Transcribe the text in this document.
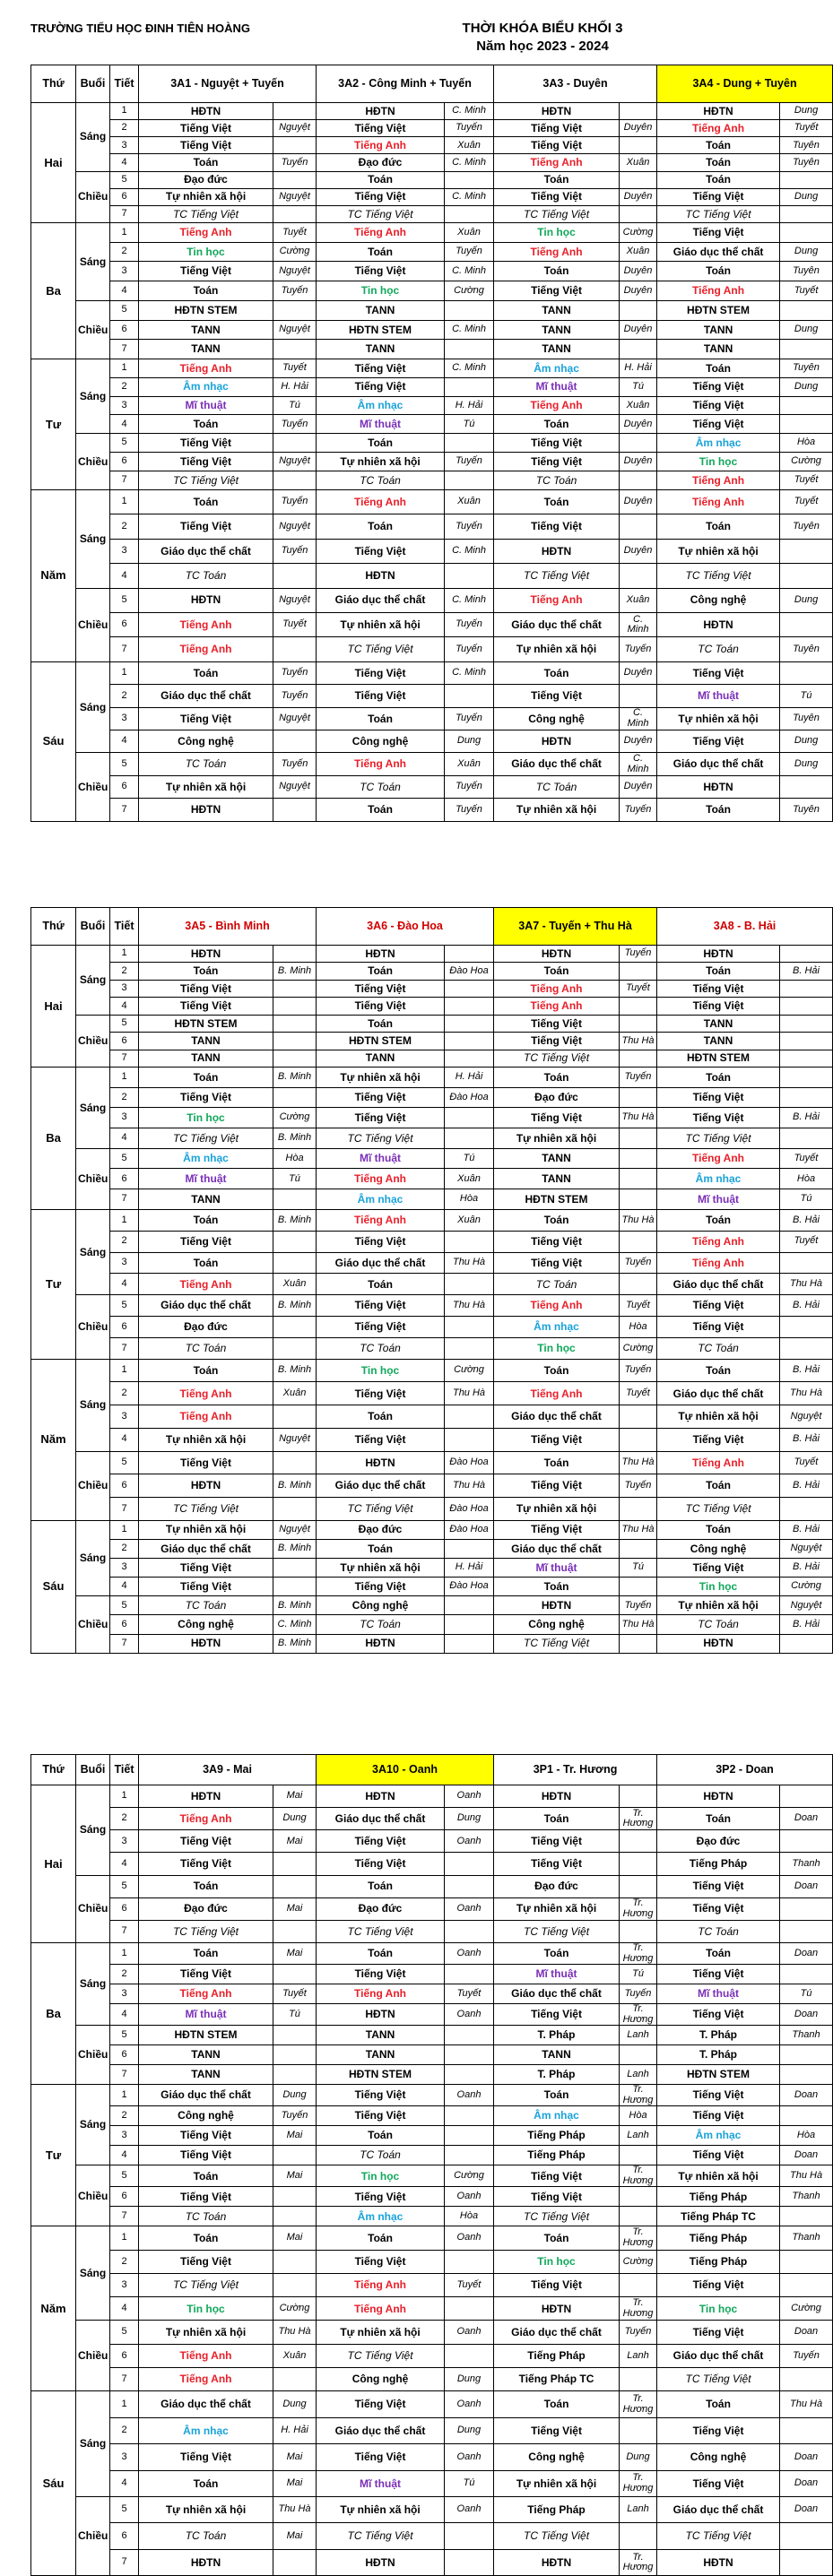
TRƯỜNG TIỂU HỌC ĐINH TIÊN HOÀNG	THỜI KHÓA BIỂU KHỐI 3
Năm học 2023 - 2024
Thứ	Buổi	Tiết	3A1 - Nguyệt + Tuyến		3A2 - Công Minh + Tuyến		3A3 - Duyên		3A4 - Dung + Tuyên	
Hai	Sáng	1	HĐTN		HĐTN	C. Minh	HĐTN		HĐTN	Dung
		2	Tiếng Việt	Nguyệt	Tiếng Việt	Tuyến	Tiếng Việt	Duyên	Tiếng Anh	Tuyết
		3	Tiếng Việt		Tiếng Anh	Xuân	Tiếng Việt		Toán	Tuyên
		4	Toán	Tuyến	Đạo đức	C. Minh	Tiếng Anh	Xuân	Toán	Tuyên
	Chiều	5	Đạo đức		Toán		Toán		Toán	
		6	Tự nhiên xã hội	Nguyệt	Tiếng Việt	C. Minh	Tiếng Việt	Duyên	Tiếng Việt	Dung
		7	TC Tiếng Việt		TC Tiếng Việt		TC Tiếng Việt		TC Tiếng Việt	
Ba	Sáng	1	Tiếng Anh	Tuyết	Tiếng Anh	Xuân	Tin học	Cường	Tiếng Việt	
		2	Tin học	Cường	Toán	Tuyến	Tiếng Anh	Xuân	Giáo dục thể chất	Dung
		3	Tiếng Việt	Nguyệt	Tiếng Việt	C. Minh	Toán	Duyên	Toán	Tuyên
		4	Toán	Tuyến	Tin học	Cường	Tiếng Việt	Duyên	Tiếng Anh	Tuyết
	Chiều	5	HĐTN STEM		TANN		TANN		HĐTN STEM	
		6	TANN	Nguyệt	HĐTN STEM	C. Minh	TANN	Duyên	TANN	Dung
		7	TANN		TANN		TANN		TANN	
Tư	Sáng	1	Tiếng Anh	Tuyết	Tiếng Việt	C. Minh	Âm nhạc	H. Hải	Toán	Tuyên
		2	Âm nhạc	H. Hải	Tiếng Việt		Mĩ thuật	Tú	Tiếng Việt	Dung
		3	Mĩ thuật	Tú	Âm nhạc	H. Hải	Tiếng Anh	Xuân	Tiếng Việt	
		4	Toán	Tuyến	Mĩ thuật	Tú	Toán	Duyên	Tiếng Việt	
	Chiều	5	Tiếng Việt		Toán		Tiếng Việt		Âm nhạc	Hòa
		6	Tiếng Việt	Nguyệt	Tự nhiên xã hội	Tuyến	Tiếng Việt	Duyên	Tin học	Cường
		7	TC Tiếng Việt		TC Toán		TC Toán		Tiếng Anh	Tuyết
Năm	Sáng	1	Toán	Tuyến	Tiếng Anh	Xuân	Toán	Duyên	Tiếng Anh	Tuyết
		2	Tiếng Việt	Nguyệt	Toán	Tuyến	Tiếng Việt		Toán	Tuyên
		3	Giáo dục thể chất	Tuyến	Tiếng Việt	C. Minh	HĐTN	Duyên	Tự nhiên xã hội	
		4	TC Toán		HĐTN		TC Tiếng Việt		TC Tiếng Việt	
	Chiều	5	HĐTN	Nguyệt	Giáo dục thể chất	C. Minh	Tiếng Anh	Xuân	Công nghệ	Dung
		6	Tiếng Anh	Tuyết	Tự nhiên xã hội	Tuyến	Giáo dục thể chất	C. Minh	HĐTN	
		7	Tiếng Anh		TC Tiếng Việt	Tuyến	Tự nhiên xã hội	Tuyến	TC Toán	Tuyên
Sáu	Sáng	1	Toán	Tuyến	Tiếng Việt	C. Minh	Toán	Duyên	Tiếng Việt	
		2	Giáo dục thể chất	Tuyến	Tiếng Việt		Tiếng Việt		Mĩ thuật	Tú
		3	Tiếng Việt	Nguyệt	Toán	Tuyến	Công nghệ	C. Minh	Tự nhiên xã hội	Tuyên
		4	Công nghệ		Công nghệ	Dung	HĐTN	Duyên	Tiếng Việt	Dung
	Chiều	5	TC Toán	Tuyến	Tiếng Anh	Xuân	Giáo dục thể chất	C. Minh	Giáo dục thể chất	Dung
		6	Tự nhiên xã hội	Nguyệt	TC Toán	Tuyến	TC Toán	Duyên	HĐTN	
		7	HĐTN		Toán	Tuyến	Tự nhiên xã hội	Tuyến	Toán	Tuyên
Thứ	Buổi	Tiết	3A5 - Bình Minh		3A6 - Đào Hoa		3A7 - Tuyến + Thu Hà		3A8 - B. Hải	
Hai	Sáng	1	HĐTN		HĐTN		HĐTN	Tuyến	HĐTN	
		2	Toán	B. Minh	Toán	Đào Hoa	Toán		Toán	B. Hải
		3	Tiếng Việt		Tiếng Việt		Tiếng Anh	Tuyết	Tiếng Việt	
		4	Tiếng Việt		Tiếng Việt		Tiếng Anh		Tiếng Việt	
	Chiều	5	HĐTN STEM		Toán		Tiếng Việt		TANN	
		6	TANN		HĐTN STEM		Tiếng Việt	Thu Hà	TANN	
		7	TANN		TANN		TC Tiếng Việt		HĐTN STEM	
Ba	Sáng	1	Toán	B. Minh	Tự nhiên xã hội	H. Hải	Toán	Tuyến	Toán	
		2	Tiếng Việt		Tiếng Việt	Đào Hoa	Đạo đức		Tiếng Việt	
		3	Tin học	Cường	Tiếng Việt		Tiếng Việt	Thu Hà	Tiếng Việt	B. Hải
		4	TC Tiếng Việt	B. Minh	TC Tiếng Việt		Tự nhiên xã hội		TC Tiếng Việt	
	Chiều	5	Âm nhạc	Hòa	Mĩ thuật	Tú	TANN		Tiếng Anh	Tuyết
		6	Mĩ thuật	Tú	Tiếng Anh	Xuân	TANN		Âm nhạc	Hòa
		7	TANN		Âm nhạc	Hòa	HĐTN STEM		Mĩ thuật	Tú
Tư	Sáng	1	Toán	B. Minh	Tiếng Anh	Xuân	Toán	Thu Hà	Toán	B. Hải
		2	Tiếng Việt		Tiếng Việt		Tiếng Việt		Tiếng Anh	Tuyết
		3	Toán		Giáo dục thể chất	Thu Hà	Tiếng Việt	Tuyến	Tiếng Anh	
		4	Tiếng Anh	Xuân	Toán		TC Toán		Giáo dục thể chất	Thu Hà
	Chiều	5	Giáo dục thể chất	B. Minh	Tiếng Việt	Thu Hà	Tiếng Anh	Tuyết	Tiếng Việt	B. Hải
		6	Đạo đức		Tiếng Việt		Âm nhạc	Hòa	Tiếng Việt	
		7	TC Toán		TC Toán		Tin học	Cường	TC Toán	
Năm	Sáng	1	Toán	B. Minh	Tin học	Cường	Toán	Tuyến	Toán	B. Hải
		2	Tiếng Anh	Xuân	Tiếng Việt	Thu Hà	Tiếng Anh	Tuyết	Giáo dục thể chất	Thu Hà
		3	Tiếng Anh		Toán		Giáo dục thể chất		Tự nhiên xã hội	Nguyệt
		4	Tự nhiên xã hội	Nguyệt	Tiếng Việt		Tiếng Việt		Tiếng Việt	B. Hải
	Chiều	5	Tiếng Việt		HĐTN	Đào Hoa	Toán	Thu Hà	Tiếng Anh	Tuyết
		6	HĐTN	B. Minh	Giáo dục thể chất	Thu Hà	Tiếng Việt	Tuyến	Toán	B. Hải
		7	TC Tiếng Việt		TC Tiếng Việt	Đào Hoa	Tự nhiên xã hội		TC Tiếng Việt	
Sáu	Sáng	1	Tự nhiên xã hội	Nguyệt	Đạo đức	Đào Hoa	Tiếng Việt	Thu Hà	Toán	B. Hải
		2	Giáo dục thể chất	B. Minh	Toán		Giáo dục thể chất		Công nghệ	Nguyệt
		3	Tiếng Việt		Tự nhiên xã hội	H. Hải	Mĩ thuật	Tú	Tiếng Việt	B. Hải
		4	Tiếng Việt		Tiếng Việt	Đào Hoa	Toán		Tin học	Cường
	Chiều	5	TC Toán	B. Minh	Công nghệ		HĐTN	Tuyến	Tự nhiên xã hội	Nguyệt
		6	Công nghệ	C. Minh	TC Toán		Công nghệ	Thu Hà	TC Toán	B. Hải
		7	HĐTN	B. Minh	HĐTN		TC Tiếng Việt		HĐTN	
Thứ	Buổi	Tiết	3A9 - Mai		3A10 - Oanh		3P1 - Tr. Hương		3P2 - Doan	
Hai	Sáng	1	HĐTN	Mai	HĐTN	Oanh	HĐTN		HĐTN	
		2	Tiếng Anh	Dung	Giáo dục thể chất	Dung	Toán	Tr. Hương	Toán	Doan
		3	Tiếng Việt	Mai	Tiếng Việt	Oanh	Tiếng Việt		Đạo đức	
		4	Tiếng Việt		Tiếng Việt		Tiếng Việt		Tiếng Pháp	Thanh
	Chiều	5	Toán		Toán		Đạo đức		Tiếng Việt	Doan
		6	Đạo đức	Mai	Đạo đức	Oanh	Tự nhiên xã hội	Tr. Hương	Tiếng Việt	
		7	TC Tiếng Việt		TC Tiếng Việt		TC Tiếng Việt		TC Toán	
Ba	Sáng	1	Toán	Mai	Toán	Oanh	Toán	Tr. Hương	Toán	Doan
		2	Tiếng Việt		Tiếng Việt		Mĩ thuật	Tú	Tiếng Việt	
		3	Tiếng Anh	Tuyết	Tiếng Anh	Tuyết	Giáo dục thể chất	Tuyến	Mĩ thuật	Tú
		4	Mĩ thuật	Tú	HĐTN	Oanh	Tiếng Việt	Tr. Hương	Tiếng Việt	Doan
	Chiều	5	HĐTN STEM		TANN		T. Pháp	Lanh	T. Pháp	Thanh
		6	TANN		TANN		TANN		T. Pháp	
		7	TANN		HĐTN STEM		T. Pháp	Lanh	HĐTN STEM	
Tư	Sáng	1	Giáo dục thể chất	Dung	Tiếng Việt	Oanh	Toán	Tr. Hương	Tiếng Việt	Doan
		2	Công nghệ	Tuyến	Tiếng Việt		Âm nhạc	Hòa	Tiếng Việt	
		3	Tiếng Việt	Mai	Toán		Tiếng Pháp	Lanh	Âm nhạc	Hòa
		4	Tiếng Việt		TC Toán		Tiếng Pháp		Tiếng Việt	Doan
	Chiều	5	Toán	Mai	Tin học	Cường	Tiếng Việt	Tr. Hương	Tự nhiên xã hội	Thu Hà
		6	Tiếng Việt		Tiếng Việt	Oanh	Tiếng Việt		Tiếng Pháp	Thanh
		7	TC Toán		Âm nhạc	Hòa	TC Tiếng Việt		Tiếng Pháp TC	
Năm	Sáng	1	Toán	Mai	Toán	Oanh	Toán	Tr. Hương	Tiếng Pháp	Thanh
		2	Tiếng Việt		Tiếng Việt		Tin học	Cường	Tiếng Pháp	
		3	TC Tiếng Việt		Tiếng Anh	Tuyết	Tiếng Việt		Tiếng Việt	
		4	Tin học	Cường	Tiếng Anh		HĐTN	Tr. Hương	Tin học	Cường
	Chiều	5	Tự nhiên xã hội	Thu Hà	Tự nhiên xã hội	Oanh	Giáo dục thể chất	Tuyến	Tiếng Việt	Doan
		6	Tiếng Anh	Xuân	TC Tiếng Việt		Tiếng Pháp	Lanh	Giáo dục thể chất	Tuyến
		7	Tiếng Anh		Công nghệ	Dung	Tiếng Pháp TC		TC Tiếng Việt	
Sáu	Sáng	1	Giáo dục thể chất	Dung	Tiếng Việt	Oanh	Toán	Tr. Hương	Toán	Thu Hà
		2	Âm nhạc	H. Hải	Giáo dục thể chất	Dung	Tiếng Việt		Tiếng Việt	
		3	Tiếng Việt	Mai	Tiếng Việt	Oanh	Công nghệ	Dung	Công nghệ	Doan
		4	Toán	Mai	Mĩ thuật	Tú	Tự nhiên xã hội	Tr. Hương	Tiếng Việt	Doan
	Chiều	5	Tự nhiên xã hội	Thu Hà	Tự nhiên xã hội	Oanh	Tiếng Pháp	Lanh	Giáo dục thể chất	Doan
		6	TC Toán	Mai	TC Tiếng Việt		TC Tiếng Việt		TC Tiếng Việt	
		7	HĐTN		HĐTN		HĐTN	Tr. Hương	HĐTN	
